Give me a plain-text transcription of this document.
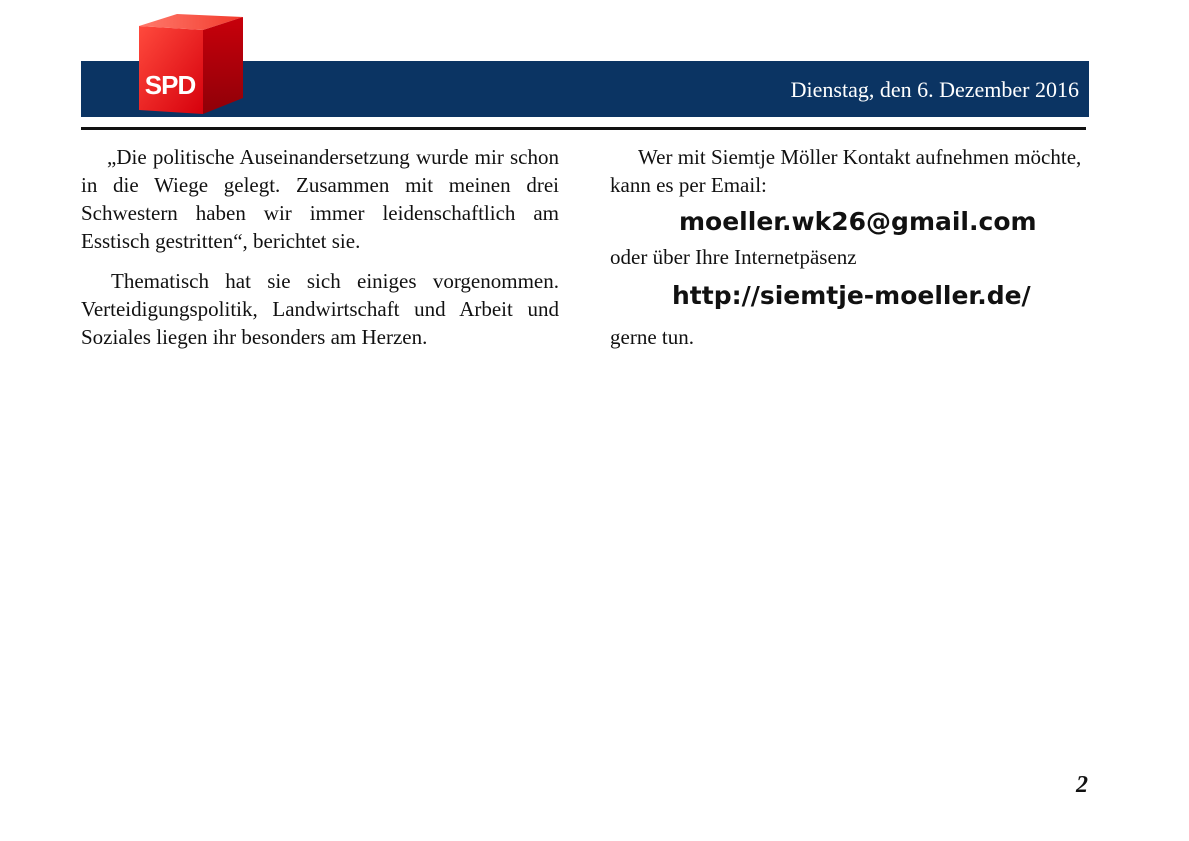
Dienstag, den 6. Dezember 2016
SPD

„Die politische Auseinandersetzung wurde mir schon in die Wiege gelegt. Zusammen mit meinen drei Schwestern haben wir immer leidenschaftlich am Esstisch gestritten“, berichtet sie.

Thematisch hat sie sich einiges vorgenommen. Verteidigungspolitik, Landwirtschaft und Arbeit und Soziales liegen ihr besonders am Herzen.

Wer mit Siemtje Möller Kontakt aufnehmen möchte, kann es per Email:

moeller.wk26@gmail.com

oder über Ihre Internetpäsenz

http://siemtje-moeller.de/

gerne tun.

2
